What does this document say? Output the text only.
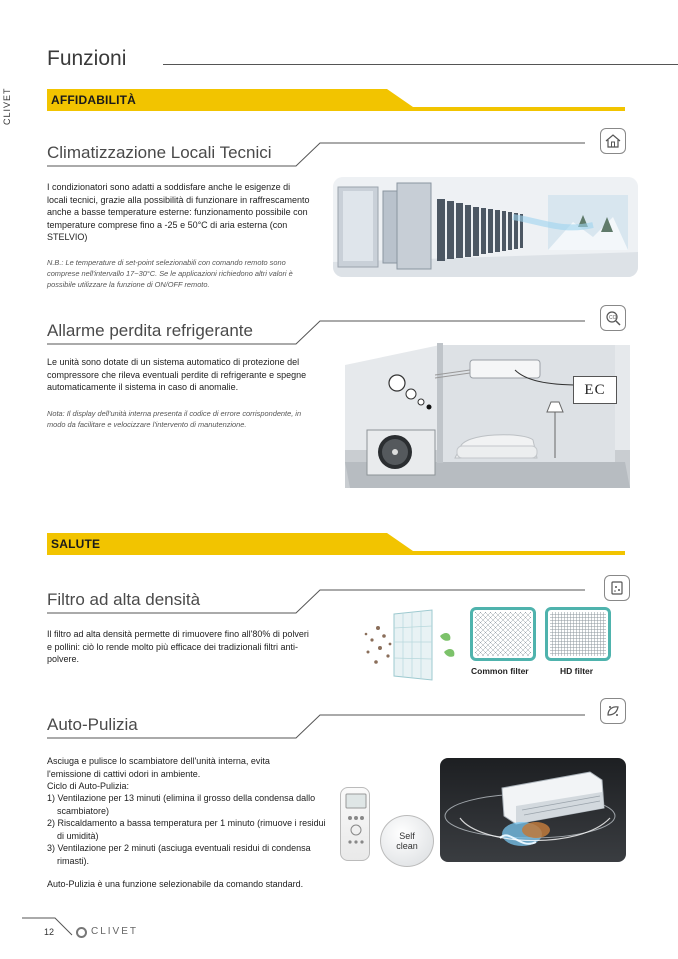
CLIVET
Funzioni
AFFIDABILITÀ
Climatizzazione Locali Tecnici
I condizionatori sono adatti a soddisfare anche le esigenze di locali tecnici, grazie alla possibilità di funzionare in raffrescamento anche a basse temperature esterne: funzionamento possibile con temperature comprese fino a -25 e 50°C di aria esterna (con STELVIO)
N.B.: Le temperature di set-point selezionabili con comando remoto sono comprese nell'intervallo 17~30°C. Se le applicazioni richiedono altri valori è possibile utilizzare la funzione di ON/OFF remoto.
Allarme perdita refrigerante
CO
Le unità sono dotate di un sistema automatico di protezione del compressore che rileva eventuali perdite di refrigerante e spegne automaticamente il sistema in caso di anomalie.
Nota: Il display dell'unità interna presenta il codice di errore corrispondente, in modo da facilitare e velocizzare l'intervento di manutenzione.
EC
SALUTE
Filtro ad alta densità
Il filtro ad alta densità permette di rimuovere fino all'80% di polveri e pollini: ciò lo rende molto più efficace dei tradizionali filtri anti-polvere.
Common filter	HD filter
Auto-Pulizia
Asciuga e pulisce lo scambiatore dell'unità interna, evita l'emissione di cattivi odori in ambiente.
Ciclo di Auto-Pulizia:
1) Ventilazione per 13 minuti (elimina il grosso della condensa dallo scambiatore)
2) Riscaldamento a bassa temperatura per 1 minuto (rimuove i residui di umidità)
3) Ventilazione per 2 minuti (asciuga eventuali residui di condensa rimasti).
Auto-Pulizia è una funzione selezionabile da comando standard.
Self
clean
12	CLIVET
